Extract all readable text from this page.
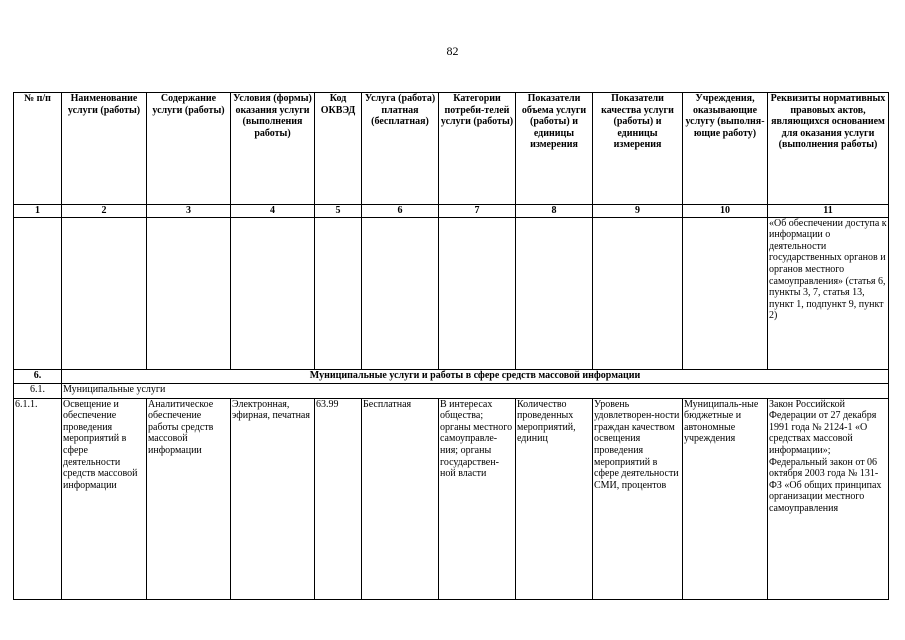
82
№ п/п	Наименование услуги (работы)	Содержание услуги (работы)	Условия (формы) оказания услуги (выполнения работы)	Код ОКВЭД	Услуга (работа) платная (бесплатная)	Категории потреби-телей услуги (работы)	Показатели объема услуги (работы) и единицы измерения	Показатели качества услуги (работы) и единицы измерения	Учреждения, оказывающие услугу (выполня-ющие работу)	Реквизиты нормативных правовых актов, являющихся основанием для оказания услуги (выполнения работы)
1	2	3	4	5	6	7	8	9	10	11
										«Об обеспечении доступа к информации о деятельности государственных органов и органов местного самоуправления» (статья 6, пункты 3, 7, статья 13, пункт 1, подпункт 9, пункт 2)
6.	Муниципальные услуги и работы в сфере средств массовой информации									
6.1.	Муниципальные услуги									
6.1.1.	Освещение и обеспечение проведения мероприятий в сфере деятельности средств массовой информации	Аналитическое обеспечение работы средств массовой информации	Электронная, эфирная, печатная	63.99	Бесплатная	В интересах общества; органы местного самоуправле-ния; органы государствен-ной власти	Количество проведенных мероприятий, единиц	Уровень удовлетворен-ности граждан качеством освещения проведения мероприятий в сфере деятельности СМИ, процентов	Муниципаль-ные бюджетные и автономные учреждения	Закон Российской Федерации от 27 декабря 1991 года № 2124-1 «О средствах массовой информации»; Федеральный закон от 06 октября 2003 года № 131-ФЗ «Об общих принципах организации местного самоуправления
